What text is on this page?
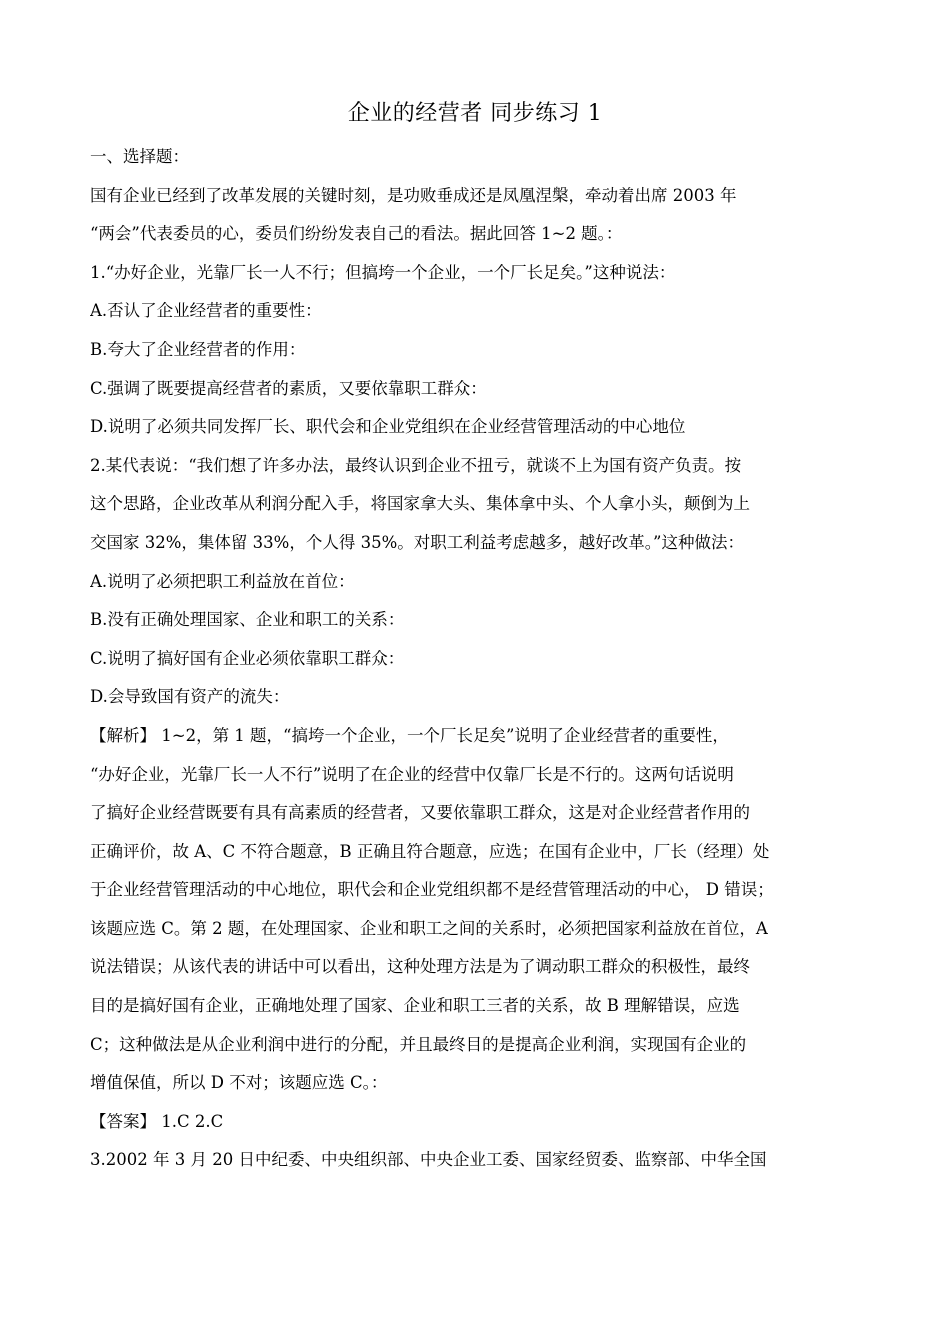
企业的经营者 同步练习 1

一、选择题：

国有企业已经到了改革发展的关键时刻，是功败垂成还是凤凰涅槃，牵动着出席 2003 年

“两会”代表委员的心，委员们纷纷发表自己的看法。据此回答 1~2 题。：

1.“办好企业，光靠厂长一人不行；但搞垮一个企业，一个厂长足矣。”这种说法：

A.否认了企业经营者的重要性：

B.夸大了企业经营者的作用：

C.强调了既要提高经营者的素质，又要依靠职工群众：

D.说明了必须共同发挥厂长、职代会和企业党组织在企业经营管理活动的中心地位

2.某代表说：“我们想了许多办法，最终认识到企业不扭亏，就谈不上为国有资产负责。按

这个思路，企业改革从利润分配入手，将国家拿大头、集体拿中头、个人拿小头，颠倒为上

交国家 32%，集体留 33%，个人得 35%。对职工利益考虑越多，越好改革。”这种做法：

A.说明了必须把职工利益放在首位：

B.没有正确处理国家、企业和职工的关系：

C.说明了搞好国有企业必须依靠职工群众：

D.会导致国有资产的流失：

【解析】 1~2，第 1 题，“搞垮一个企业，一个厂长足矣”说明了企业经营者的重要性，

“办好企业，光靠厂长一人不行”说明了在企业的经营中仅靠厂长是不行的。这两句话说明

了搞好企业经营既要有具有高素质的经营者，又要依靠职工群众，这是对企业经营者作用的

正确评价，故 A、C 不符合题意，B 正确且符合题意，应选；在国有企业中，厂长（经理）处

于企业经营管理活动的中心地位，职代会和企业党组织都不是经营管理活动的中心， D 错误；

该题应选 C。第 2 题，在处理国家、企业和职工之间的关系时，必须把国家利益放在首位，A

说法错误；从该代表的讲话中可以看出，这种处理方法是为了调动职工群众的积极性，最终

目的是搞好国有企业，正确地处理了国家、企业和职工三者的关系，故 B 理解错误，应选

C；这种做法是从企业利润中进行的分配，并且最终目的是提高企业利润，实现国有企业的

增值保值，所以 D 不对；该题应选 C。：

【答案】 1.C 2.C

3.2002 年 3 月 20 日中纪委、中央组织部、中央企业工委、国家经贸委、监察部、中华全国
